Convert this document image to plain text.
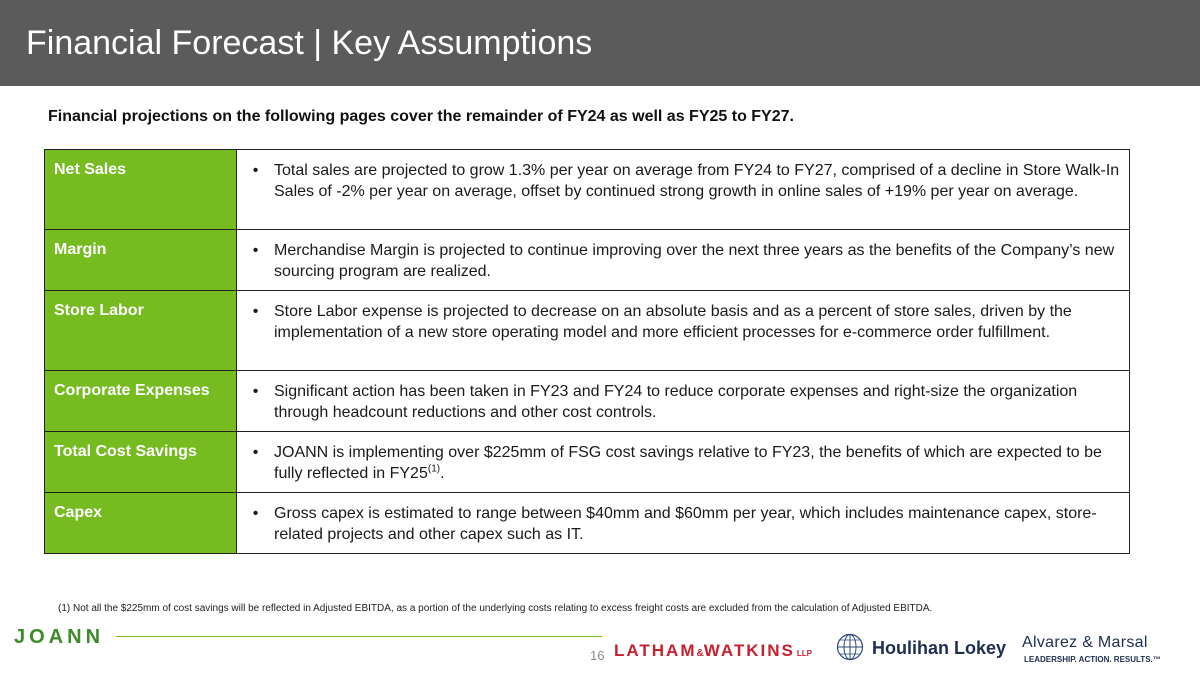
Financial Forecast | Key Assumptions
Financial projections on the following pages cover the remainder of FY24 as well as FY25 to FY27.
Net Sales	• Total sales are projected to grow 1.3% per year on average from FY24 to FY27, comprised of a decline in Store Walk-In Sales of -2% per year on average, offset by continued strong growth in online sales of +19% per year on average.

Margin	• Merchandise Margin is projected to continue improving over the next three years as the benefits of the Company’s new sourcing program are realized.

Store Labor	• Store Labor expense is projected to decrease on an absolute basis and as a percent of store sales, driven by the implementation of a new store operating model and more efficient processes for e-commerce order fulfillment.

Corporate Expenses	• Significant action has been taken in FY23 and FY24 to reduce corporate expenses and right-size the organization through headcount reductions and other cost controls.

Total Cost Savings	• JOANN is implementing over $225mm of FSG cost savings relative to FY23, the benefits of which are expected to be fully reflected in FY25$^{(1)}$.

Capex	• Gross capex is estimated to range between $40mm and $60mm per year, which includes maintenance capex, store-related projects and other capex such as IT.
(1) Not all the $225mm of cost savings will be reflected in Adjusted EBITDA, as a portion of the underlying costs relating to excess freight costs are excluded from the calculation of Adjusted EBITDA.
JOANN
16 LATHAM&WATKINS LLP	Houlihan Lokey Alvarez & Marsal
LEADERSHIP. ACTION. RESULTS.™
